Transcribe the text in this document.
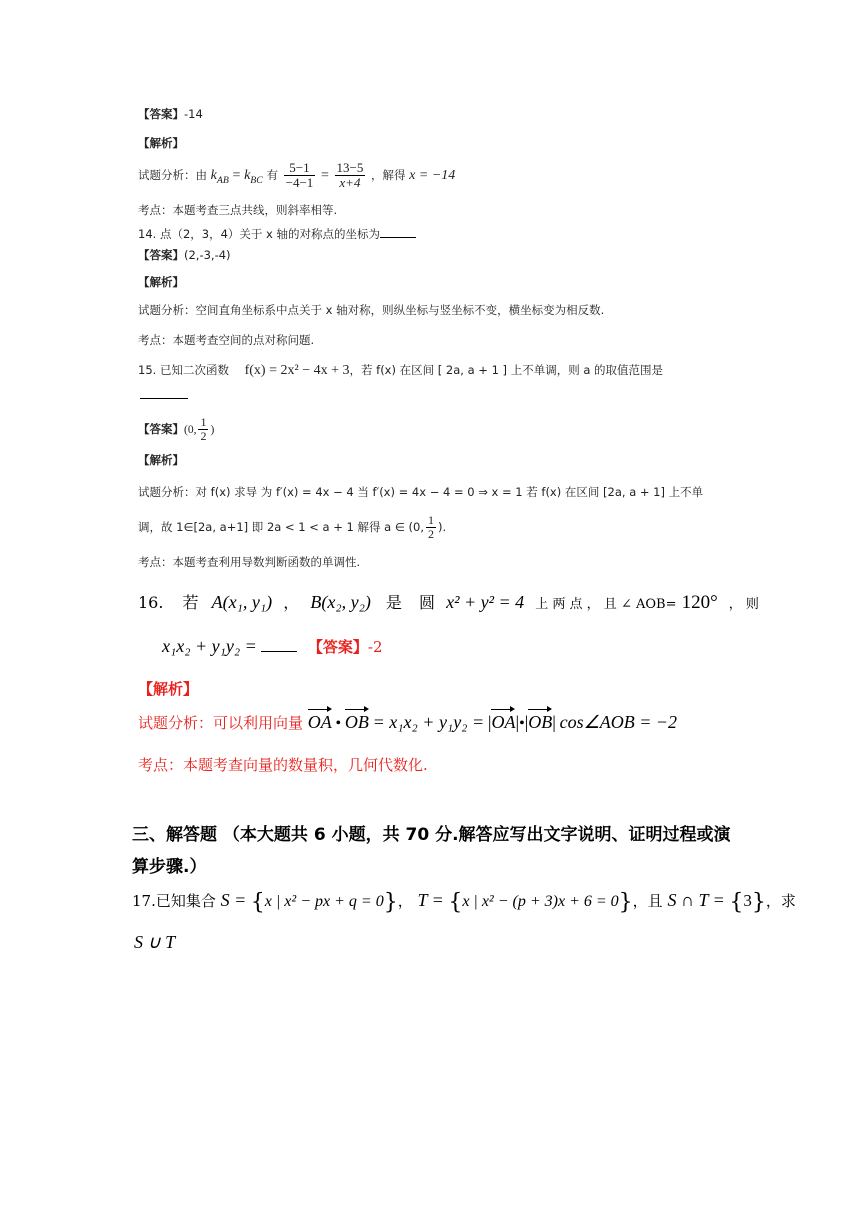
【答案】-14
【解析】
试题分析：由 $k_{AB} = k_{BC}$ 有 $\frac{5-1}{-4-1} = \frac{13-5}{x+4}$ ，解得 x = −14
考点：本题考查三点共线，则斜率相等.
14. 点（2，3，4）关于 x 轴的对称点的坐标为
【答案】(2,-3,-4)
【解析】
试题分析：空间直角坐标系中点关于 x 轴对称，则纵坐标与竖坐标不变，横坐标变为相反数.
考点：本题考查空间的点对称问题.
15. 已知二次函数 f(x) = 2x² − 4x + 3，若 f(x) 在区间 [ 2a, a + 1 ] 上不单调，则 a 的取值范围是
【答案】(0, $\frac{1}{2}$ )
【解析】
试题分析：对 f(x) 求导 为 f′(x) = 4x − 4 当 f′(x) = 4x − 4 = 0 ⇒ x = 1 若 f(x) 在区间 [2a, a + 1] 上不单
调，故 1∈[2a, a+1] 即 2a < 1 < a + 1 解得 a ∈ (0, $\frac{1}{2}$ ).
考点：本题考查利用导数判断函数的单调性.
16. 若 A(x₁, y₁) ， B(x₂, y₂) 是 圆 x² + y² = 4 上 两 点 ， 且 ∠ AOB= 120° ， 则
x₁x₂ + y₁y₂ =	【答案】-2
【解析】
试题分析：可以利用向量 OA • OB = x₁x₂ + y₁y₂ = |OA|•|OB| cos∠AOB = −2
考点：本题考查向量的数量积，几何代数化.
三、解答题 （本大题共 6 小题，共 70 分.解答应写出文字说明、证明过程或演
算步骤.）
17.已知集合 S = {x | x² − px + q = 0}， T = {x | x² − (p + 3)x + 6 = 0}，且 S ∩ T = {3}，求
S ∪ T
